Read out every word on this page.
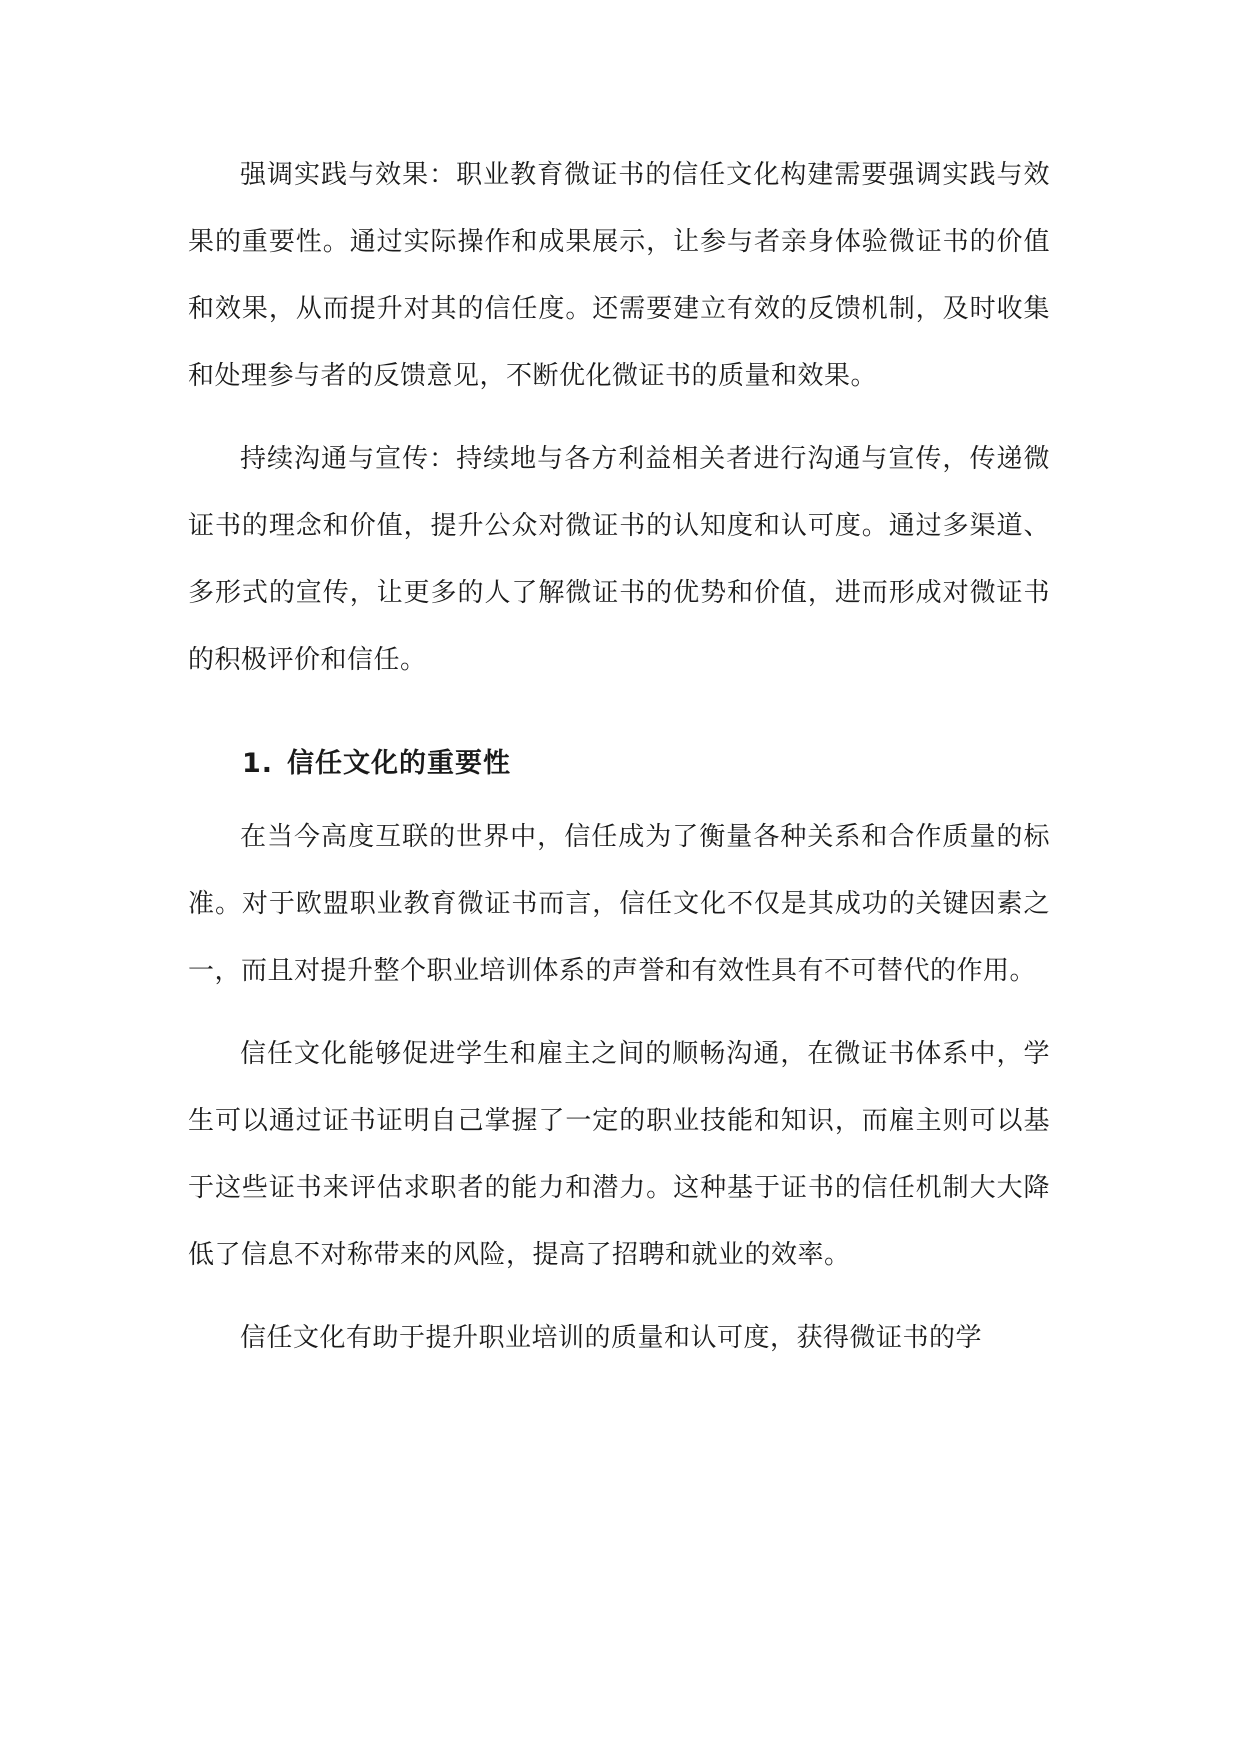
强调实践与效果：职业教育微证书的信任文化构建需要强调实践与效果的重要性。通过实际操作和成果展示，让参与者亲身体验微证书的价值和效果，从而提升对其的信任度。还需要建立有效的反馈机制，及时收集和处理参与者的反馈意见，不断优化微证书的质量和效果。

持续沟通与宣传：持续地与各方利益相关者进行沟通与宣传，传递微证书的理念和价值，提升公众对微证书的认知度和认可度。通过多渠道、多形式的宣传，让更多的人了解微证书的优势和价值，进而形成对微证书的积极评价和信任。

1. 信任文化的重要性

在当今高度互联的世界中，信任成为了衡量各种关系和合作质量的标准。对于欧盟职业教育微证书而言，信任文化不仅是其成功的关键因素之一，而且对提升整个职业培训体系的声誉和有效性具有不可替代的作用。

信任文化能够促进学生和雇主之间的顺畅沟通，在微证书体系中，学生可以通过证书证明自己掌握了一定的职业技能和知识，而雇主则可以基于这些证书来评估求职者的能力和潜力。这种基于证书的信任机制大大降低了信息不对称带来的风险，提高了招聘和就业的效率。

信任文化有助于提升职业培训的质量和认可度，获得微证书的学
